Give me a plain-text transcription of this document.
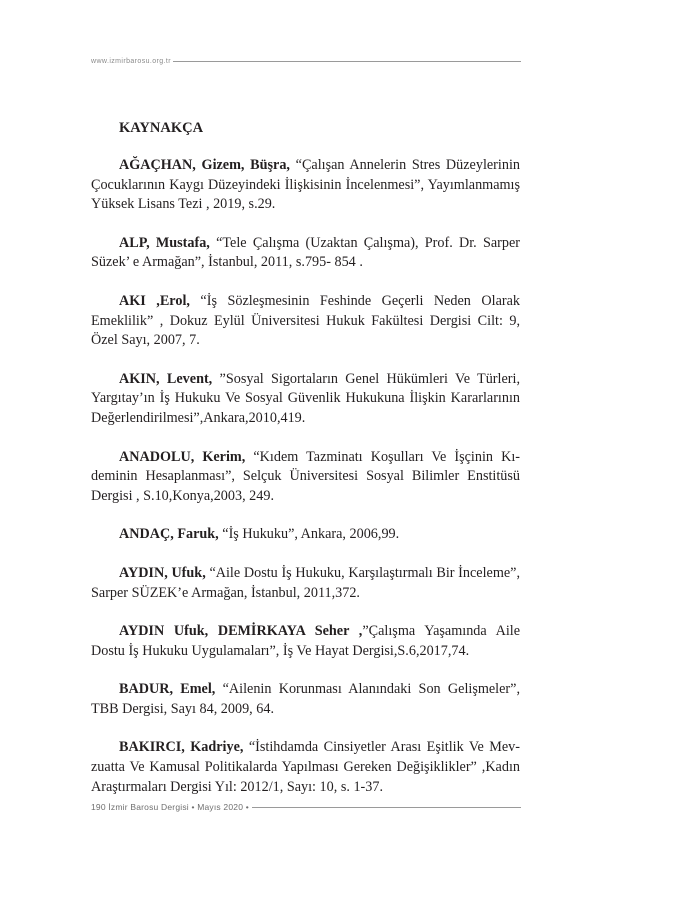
www.izmirbarosu.org.tr
KAYNAKÇA

AĞAÇHAN, Gizem, Büşra, “Çalışan Annelerin Stres Düzeylerinin Çocuklarının Kaygı Düzeyindeki İlişkisinin İncelenmesi”, Yayımlanmamış Yüksek Lisans Tezi , 2019, s.29.

ALP, Mustafa, “Tele Çalışma (Uzaktan Çalışma), Prof. Dr. Sarper Süzek’ e Armağan”, İstanbul, 2011, s.795- 854 .

AKI ,Erol, “İş Sözleşmesinin Feshinde Geçerli Neden Olarak Emeklilik” , Dokuz Eylül Üniversitesi Hukuk Fakültesi Dergisi Cilt: 9, Özel Sayı, 2007, 7.

AKIN, Levent, ”Sosyal Sigortaların Genel Hükümleri Ve Türleri, Yargıtay’ın İş Hukuku Ve Sosyal Güvenlik Hukukuna İlişkin Kararlarının Değerlendirilmesi”,Ankara,2010,419.

ANADOLU, Kerim, “Kıdem Tazminatı Koşulları Ve İşçinin Kıdeminin Hesaplanması”, Selçuk Üniversitesi Sosyal Bilimler Enstitüsü Dergisi , S.10,Konya,2003, 249.

ANDAÇ, Faruk, “İş Hukuku”, Ankara, 2006,99.

AYDIN, Ufuk, “Aile Dostu İş Hukuku, Karşılaştırmalı Bir İnceleme”, Sarper SÜZEK’e Armağan, İstanbul, 2011,372.

AYDIN Ufuk, DEMİRKAYA Seher ,”Çalışma Yaşamında Aile Dostu İş Hukuku Uygulamaları”, İş Ve Hayat Dergisi,S.6,2017,74.

BADUR, Emel, “Ailenin Korunması Alanındaki Son Gelişmeler”, TBB Dergisi, Sayı 84, 2009, 64.

BAKIRCI, Kadriye, “İstihdamda Cinsiyetler Arası Eşitlik Ve Mevzuatta Ve Kamusal Politikalarda Yapılması Gereken Değişiklikler” ,Kadın Araştırmaları Dergisi Yıl: 2012/1, Sayı: 10, s. 1-37.

190 İzmir Barosu Dergisi • Mayıs 2020 •
